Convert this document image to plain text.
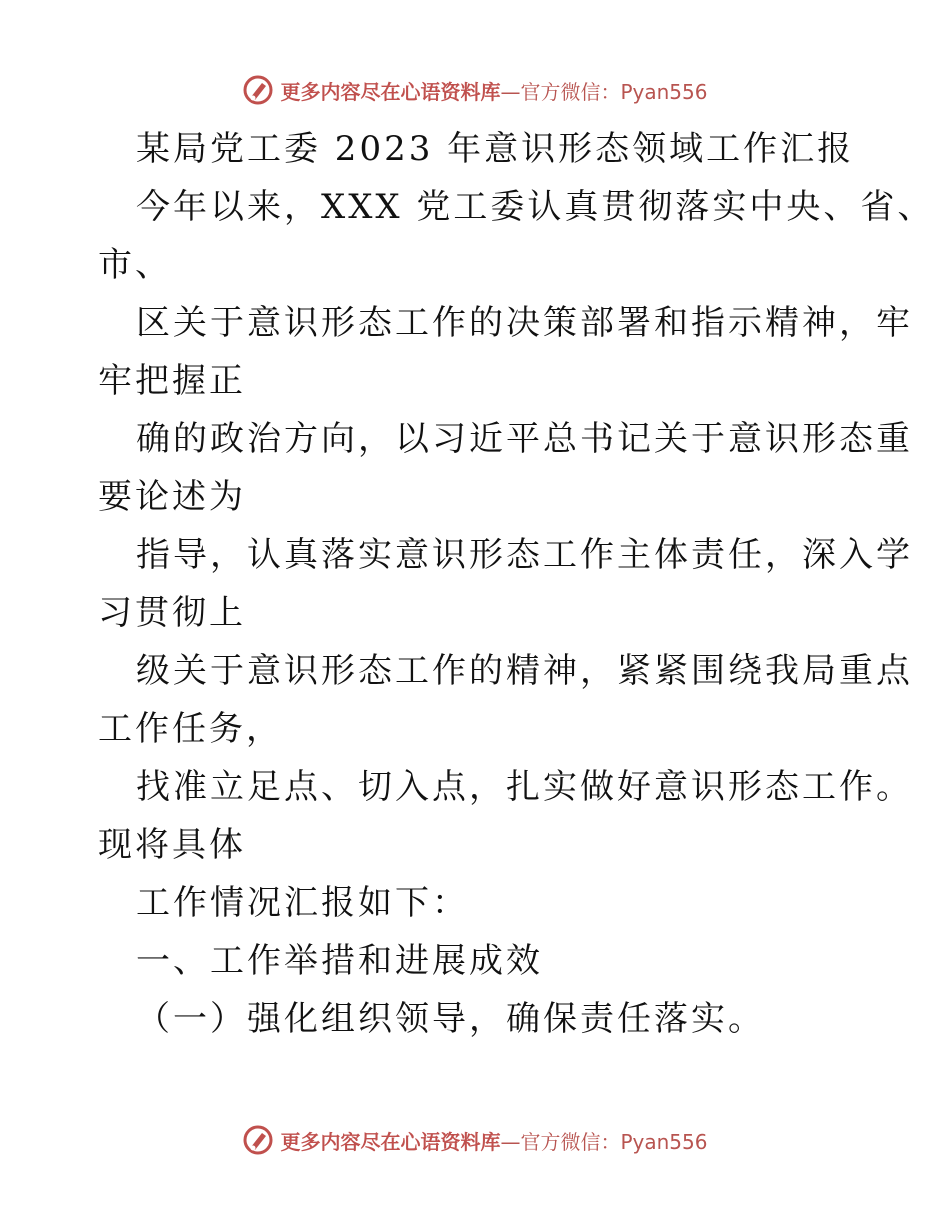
更多内容尽在心语资料库—官方微信：Pyan556
某局党工委 2023 年意识形态领域工作汇报
今年以来，XXX 党工委认真贯彻落实中央、省、
市、
区关于意识形态工作的决策部署和指示精神，牢
牢把握正
确的政治方向，以习近平总书记关于意识形态重
要论述为
指导，认真落实意识形态工作主体责任，深入学
习贯彻上
级关于意识形态工作的精神，紧紧围绕我局重点
工作任务，
找准立足点、切入点，扎实做好意识形态工作。
现将具体
工作情况汇报如下：
一、工作举措和进展成效
（一）强化组织领导，确保责任落实。
更多内容尽在心语资料库—官方微信：Pyan556
